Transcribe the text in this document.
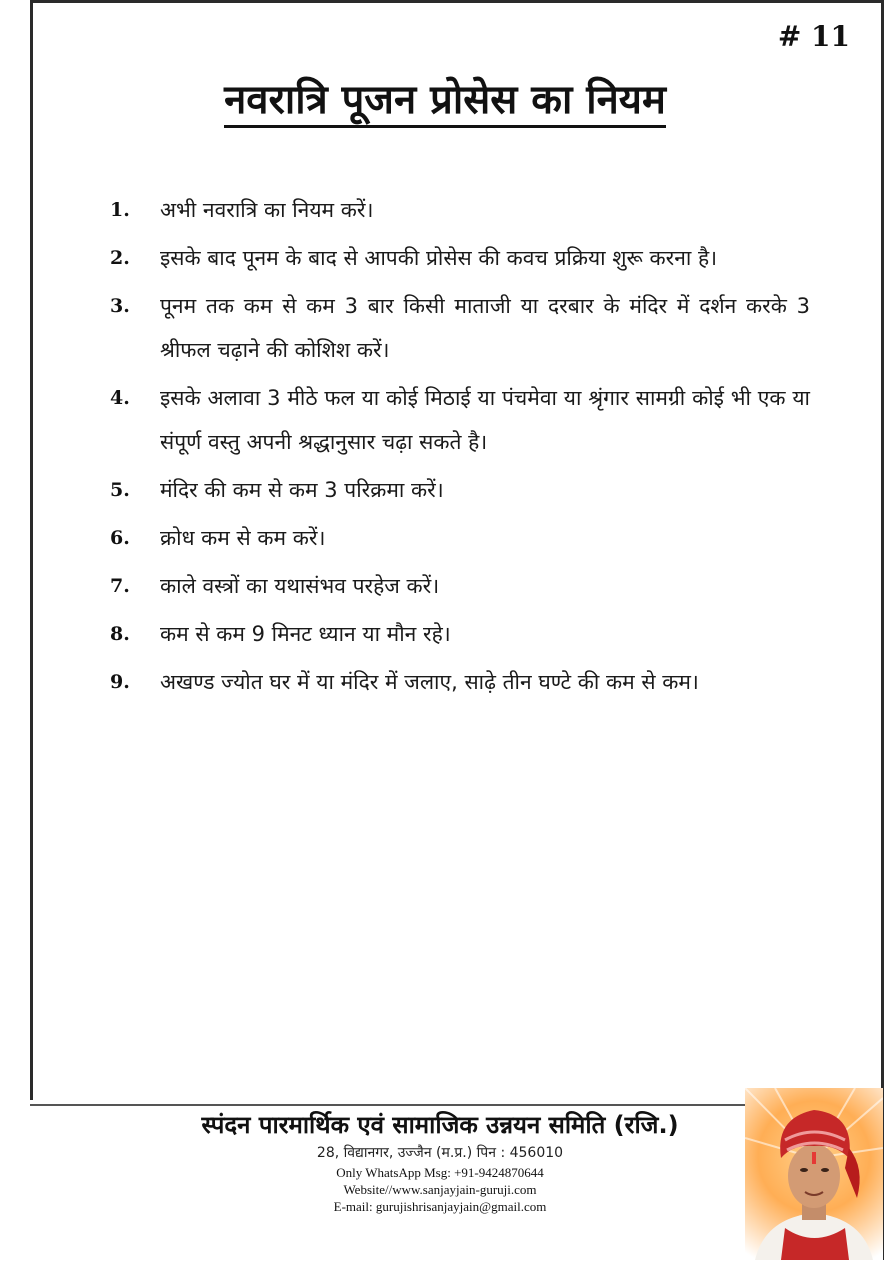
# 11
नवरात्रि पूजन प्रोसेस का नियम
1.	अभी नवरात्रि का नियम करें।
2.	इसके बाद पूनम के बाद से आपकी प्रोसेस की कवच प्रक्रिया शुरू करना है।
3.	पूनम तक कम से कम 3 बार किसी माताजी या दरबार के मंदिर में दर्शन करके 3 श्रीफल चढ़ाने की कोशिश करें।
4.	इसके अलावा 3 मीठे फल या कोई मिठाई या पंचमेवा या श्रृंगार सामग्री कोई भी एक या संपूर्ण वस्तु अपनी श्रद्धानुसार चढ़ा सकते है।
5.	मंदिर की कम से कम 3 परिक्रमा करें।
6.	क्रोध कम से कम करें।
7.	काले वस्त्रों का यथासंभव परहेज करें।
8.	कम से कम 9 मिनट ध्यान या मौन रहे।
9.	अखण्ड ज्योत घर में या मंदिर में जलाए, साढ़े तीन घण्टे की कम से कम।
स्पंदन पारमार्थिक एवं सामाजिक उन्नयन समिति (रजि.)
28, विद्यानगर, उज्जैन (म.प्र.) पिन : 456010
Only WhatsApp Msg: +91-9424870644
Website//www.sanjayjain-guruji.com
E-mail: gurujishrisanjayjain@gmail.com
